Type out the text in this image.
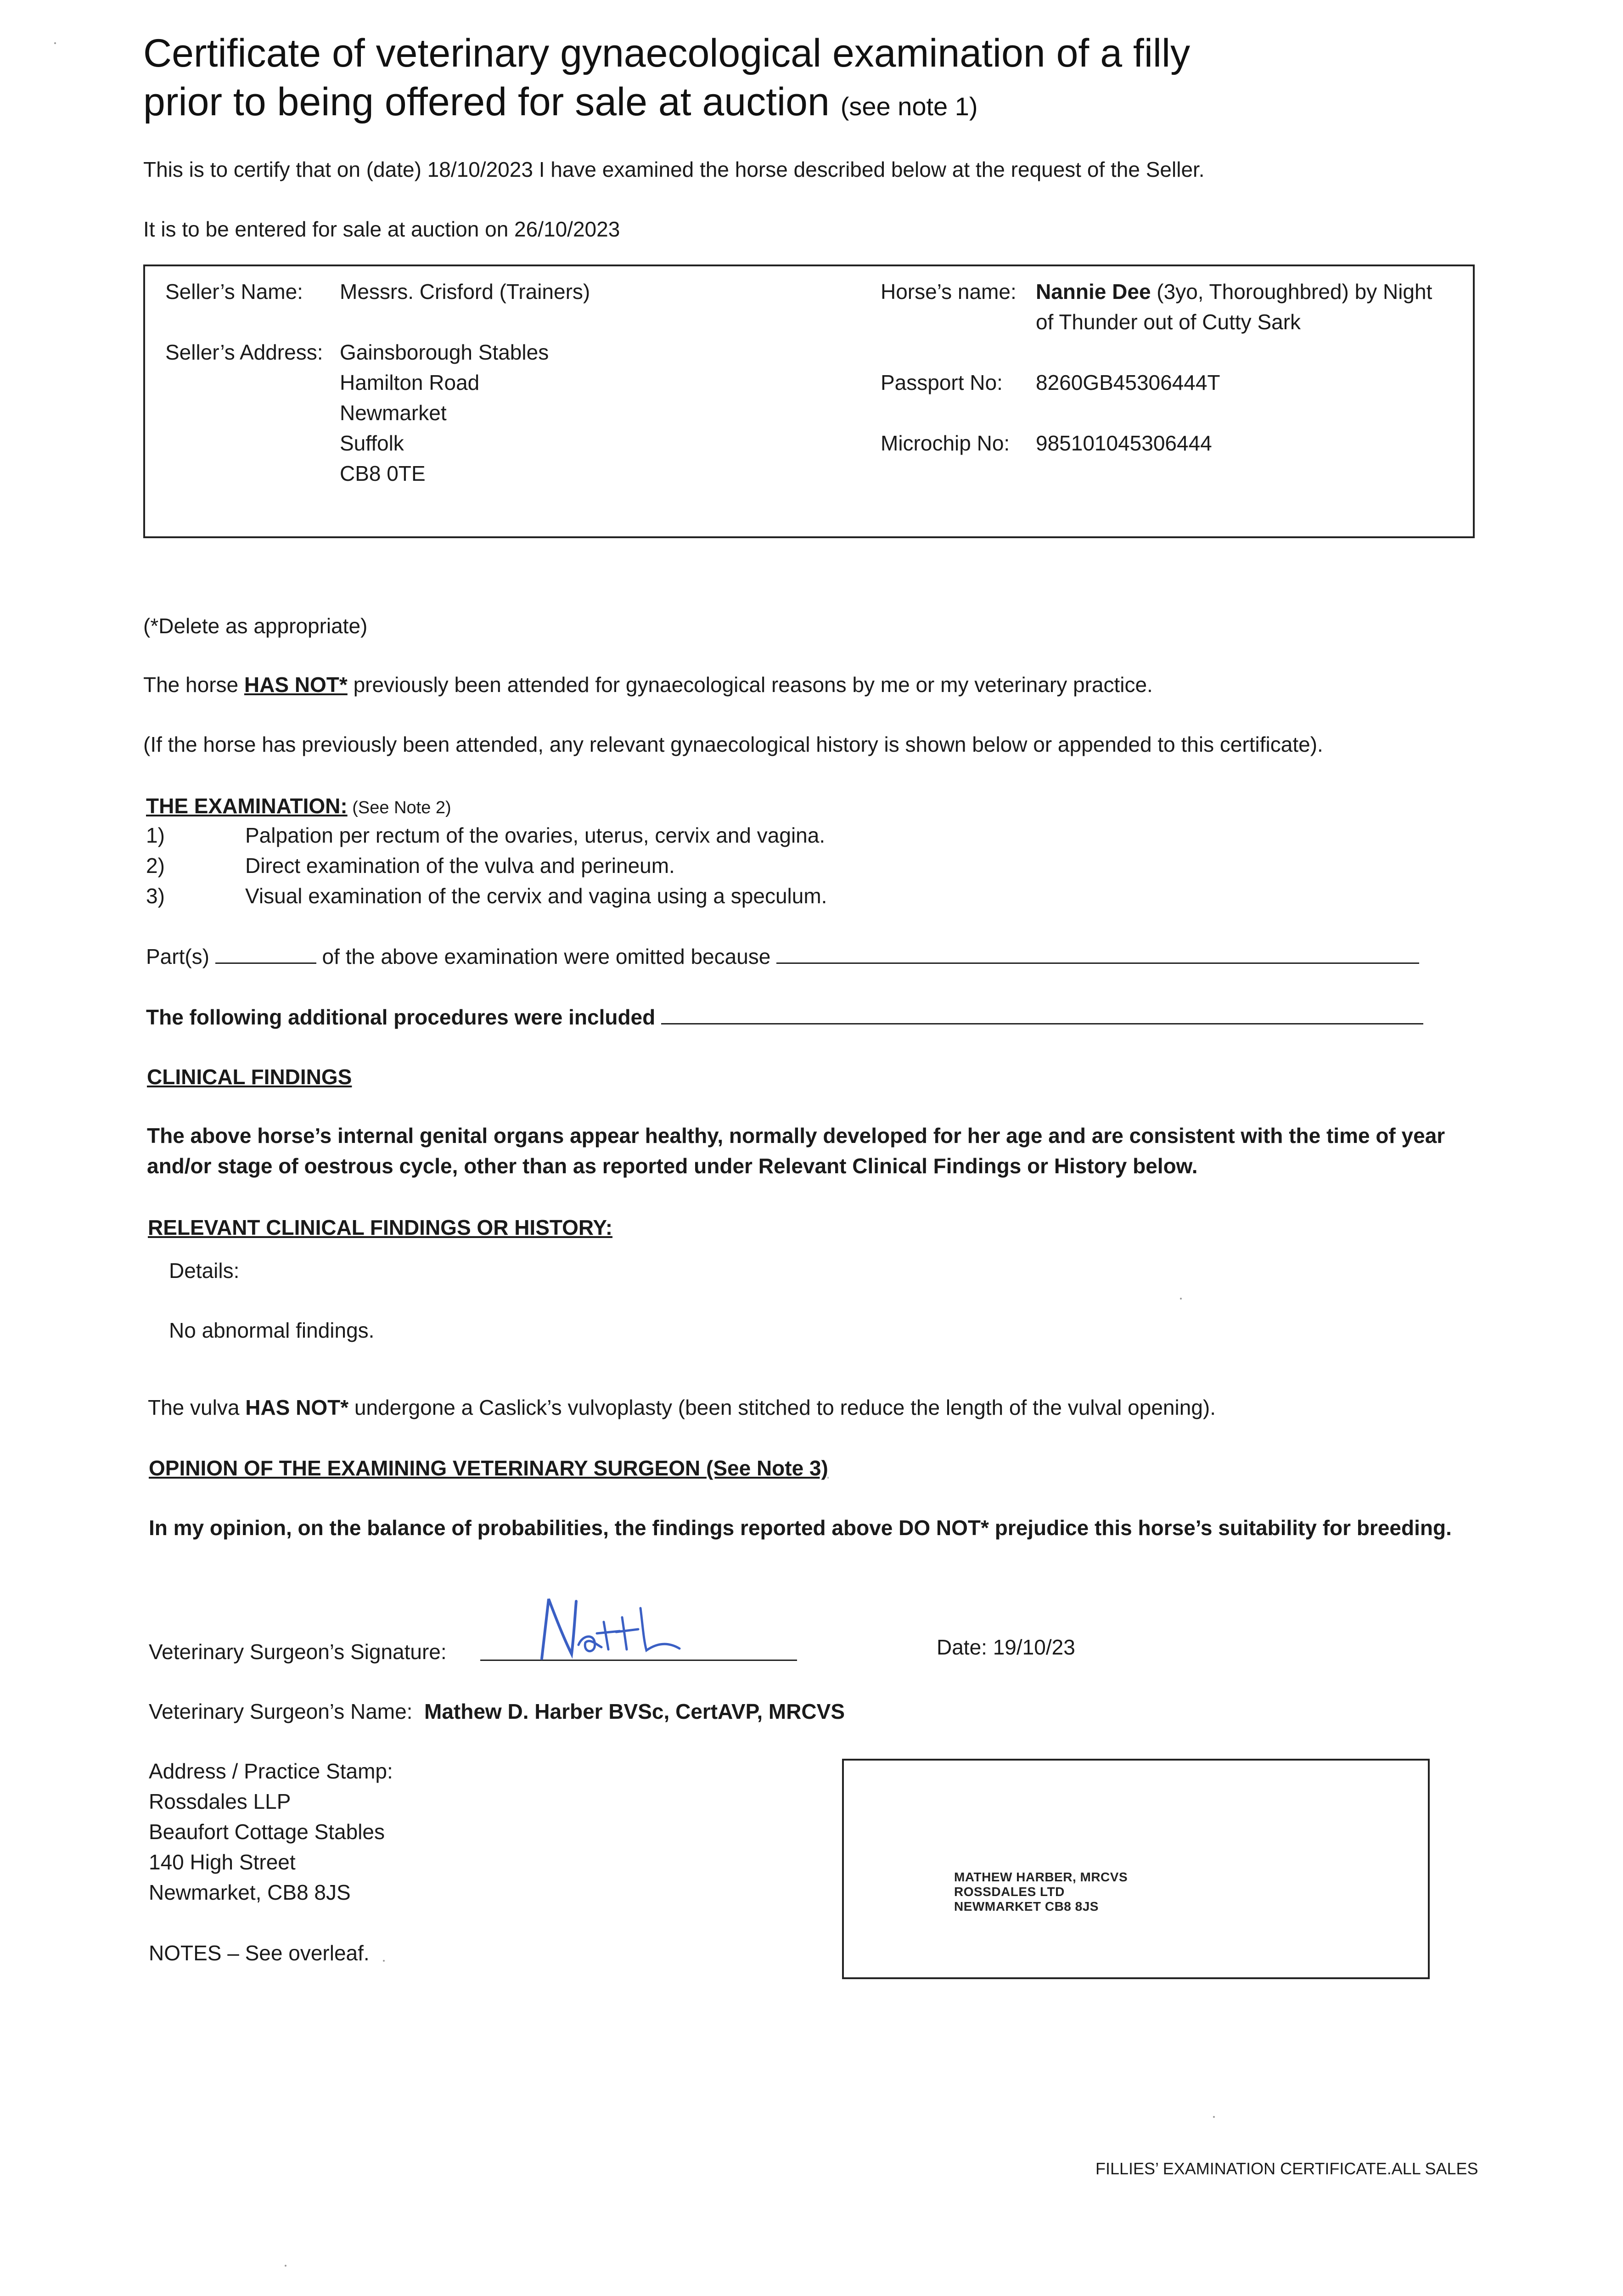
Certificate of veterinary gynaecological examination of a filly
prior to being offered for sale at auction (see note 1)
This is to certify that on (date) 18/10/2023 I have examined the horse described below at the request of the Seller.
It is to be entered for sale at auction on 26/10/2023
Seller’s Name: Messrs. Crisford (Trainers)
Seller’s Address: Gainsborough Stables
Hamilton Road
Newmarket
Suffolk
CB8 0TE
Horse’s name: Nannie Dee (3yo, Thoroughbred) by Night
of Thunder out of Cutty Sark
Passport No: 8260GB45306444T
Microchip No: 985101045306444
(*Delete as appropriate)
The horse HAS NOT* previously been attended for gynaecological reasons by me or my veterinary practice.
(If the horse has previously been attended, any relevant gynaecological history is shown below or appended to this certificate).
THE EXAMINATION: (See Note 2)
1)	Palpation per rectum of the ovaries, uterus, cervix and vagina.
2)	Direct examination of the vulva and perineum.
3)	Visual examination of the cervix and vagina using a speculum.
Part(s)	of the above examination were omitted because
The following additional procedures were included
CLINICAL FINDINGS
The above horse’s internal genital organs appear healthy, normally developed for her age and are consistent with the time of year
and/or stage of oestrous cycle, other than as reported under Relevant Clinical Findings or History below.
RELEVANT CLINICAL FINDINGS OR HISTORY:
Details:
No abnormal findings.
The vulva HAS NOT* undergone a Caslick’s vulvoplasty (been stitched to reduce the length of the vulval opening).
OPINION OF THE EXAMINING VETERINARY SURGEON (See Note 3)
In my opinion, on the balance of probabilities, the findings reported above DO NOT* prejudice this horse’s suitability for breeding.
Veterinary Surgeon’s Signature:	Date: 19/10/23
Veterinary Surgeon’s Name: Mathew D. Harber BVSc, CertAVP, MRCVS
Address / Practice Stamp:
Rossdales LLP
Beaufort Cottage Stables
140 High Street
Newmarket, CB8 8JS
NOTES – See overleaf.
MATHEW HARBER, MRCVS
ROSSDALES LTD
NEWMARKET CB8 8JS
FILLIES’ EXAMINATION CERTIFICATE.ALL SALES
